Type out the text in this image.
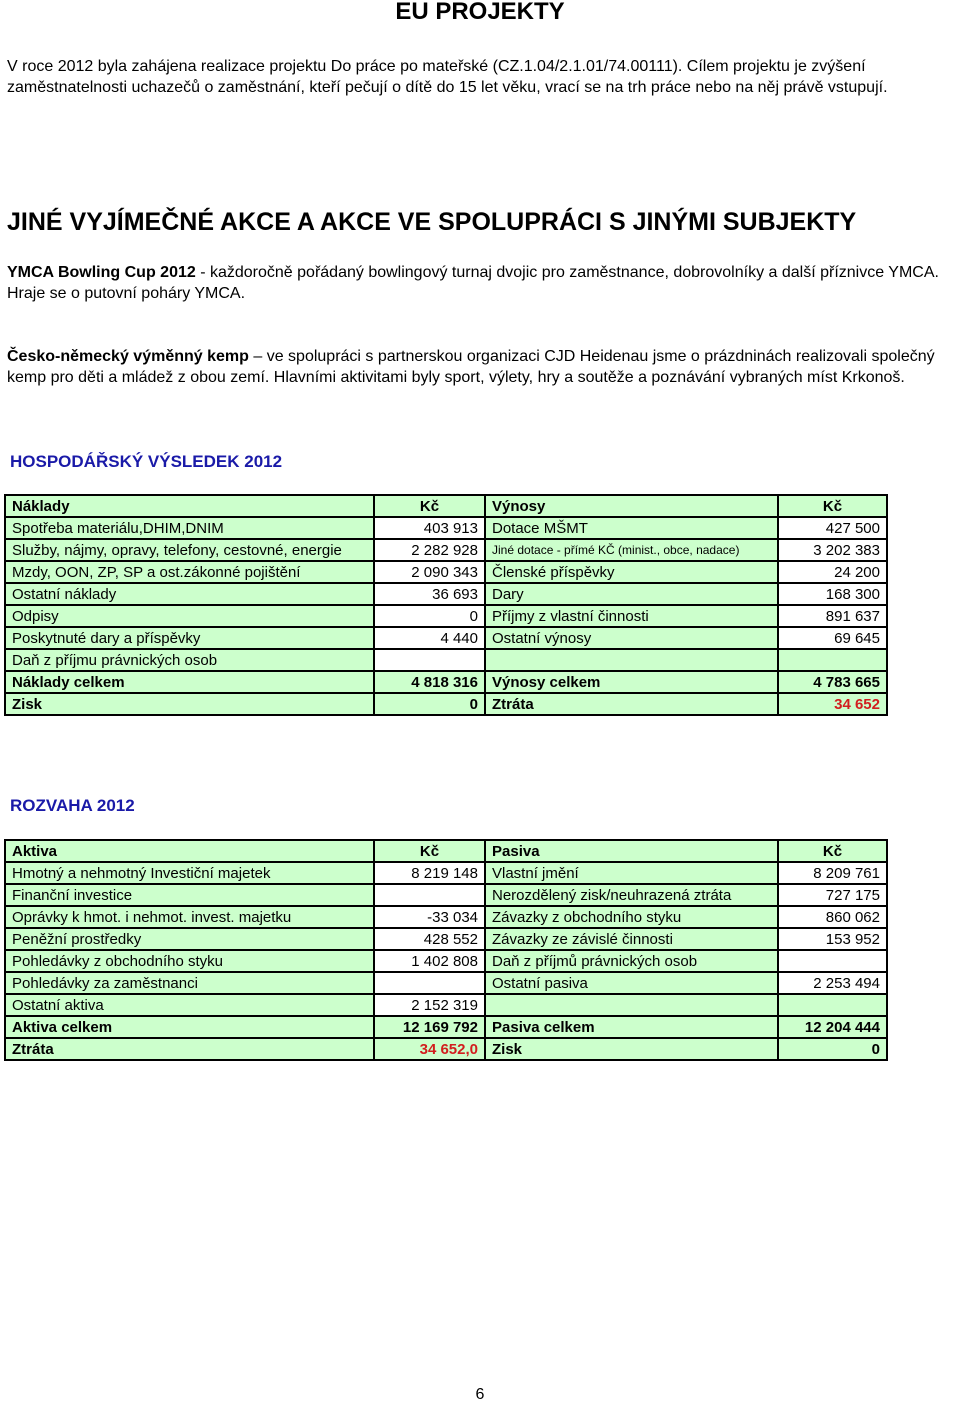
EU PROJEKTY

V roce 2012 byla zahájena realizace projektu Do práce po mateřské (CZ.1.04/2.1.01/74.00111). Cílem projektu je zvýšení zaměstnatelnosti uchazečů o zaměstnání, kteří pečují o dítě do 15 let věku, vrací se na trh práce nebo na něj právě vstupují.

JINÉ VYJÍMEČNÉ AKCE A AKCE VE SPOLUPRÁCI S JINÝMI SUBJEKTY

YMCA Bowling Cup 2012 - každoročně pořádaný bowlingový turnaj dvojic pro zaměstnance, dobrovolníky a další příznivce YMCA. Hraje se o putovní poháry YMCA.

Česko-německý výměnný kemp – ve spolupráci s partnerskou organizaci CJD Heidenau jsme o prázdninách realizovali společný kemp pro děti a mládež z obou zemí. Hlavními aktivitami byly sport, výlety, hry a soutěže a poznávání vybraných míst Krkonoš.

HOSPODÁŘSKÝ VÝSLEDEK 2012
Náklady	Kč	Výnosy	Kč
Spotřeba materiálu,DHIM,DNIM	403 913	Dotace MŠMT	427 500
Služby, nájmy, opravy, telefony, cestovné, energie	2 282 928	Jiné dotace - přímé KČ (minist., obce, nadace)	3 202 383
Mzdy, OON, ZP, SP a ost.zákonné pojištění	2 090 343	Členské příspěvky	24 200
Ostatní náklady	36 693	Dary	168 300
Odpisy	0	Příjmy z vlastní činnosti	891 637
Poskytnuté dary a příspěvky	4 440	Ostatní výnosy	69 645
Daň z příjmu právnických osob			
Náklady celkem	4 818 316	Výnosy celkem	4 783 665
Zisk	0	Ztráta	34 652
ROZVAHA 2012
Aktiva	Kč	Pasiva	Kč
Hmotný a nehmotný Investiční majetek	8 219 148	Vlastní jmění	8 209 761
Finanční investice		Nerozdělený zisk/neuhrazená ztráta	727 175
Oprávky k hmot. i nehmot. invest. majetku	-33 034	Závazky z obchodního styku	860 062
Peněžní prostředky	428 552	Závazky ze závislé činnosti	153 952
Pohledávky z obchodního styku	1 402 808	Daň z příjmů právnických osob	
Pohledávky za zaměstnanci		Ostatní pasiva	2 253 494
Ostatní aktiva	2 152 319		
Aktiva celkem	12 169 792	Pasiva celkem	12 204 444
Ztráta	34 652,0	Zisk	0

6
